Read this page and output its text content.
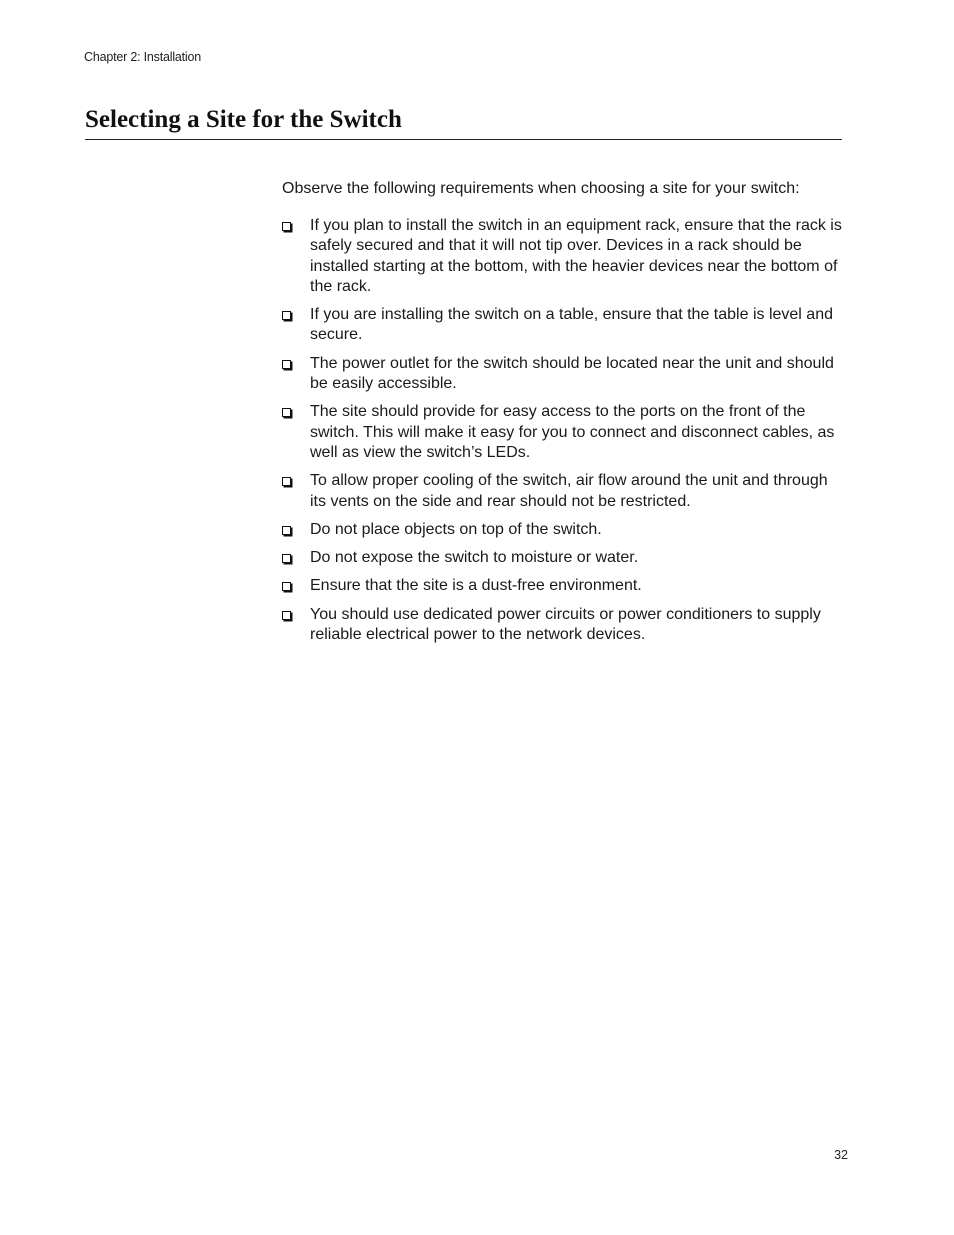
Chapter 2: Installation
Selecting a Site for the Switch

Observe the following requirements when choosing a site for your switch:

If you plan to install the switch in an equipment rack, ensure that the rack is safely secured and that it will not tip over. Devices in a rack should be installed starting at the bottom, with the heavier devices near the bottom of the rack.
If you are installing the switch on a table, ensure that the table is level and secure.
The power outlet for the switch should be located near the unit and should be easily accessible.
The site should provide for easy access to the ports on the front of the switch. This will make it easy for you to connect and disconnect cables, as well as view the switch’s LEDs.
To allow proper cooling of the switch, air flow around the unit and through its vents on the side and rear should not be restricted.
Do not place objects on top of the switch.
Do not expose the switch to moisture or water.
Ensure that the site is a dust-free environment.
You should use dedicated power circuits or power conditioners to supply reliable electrical power to the network devices.
32
